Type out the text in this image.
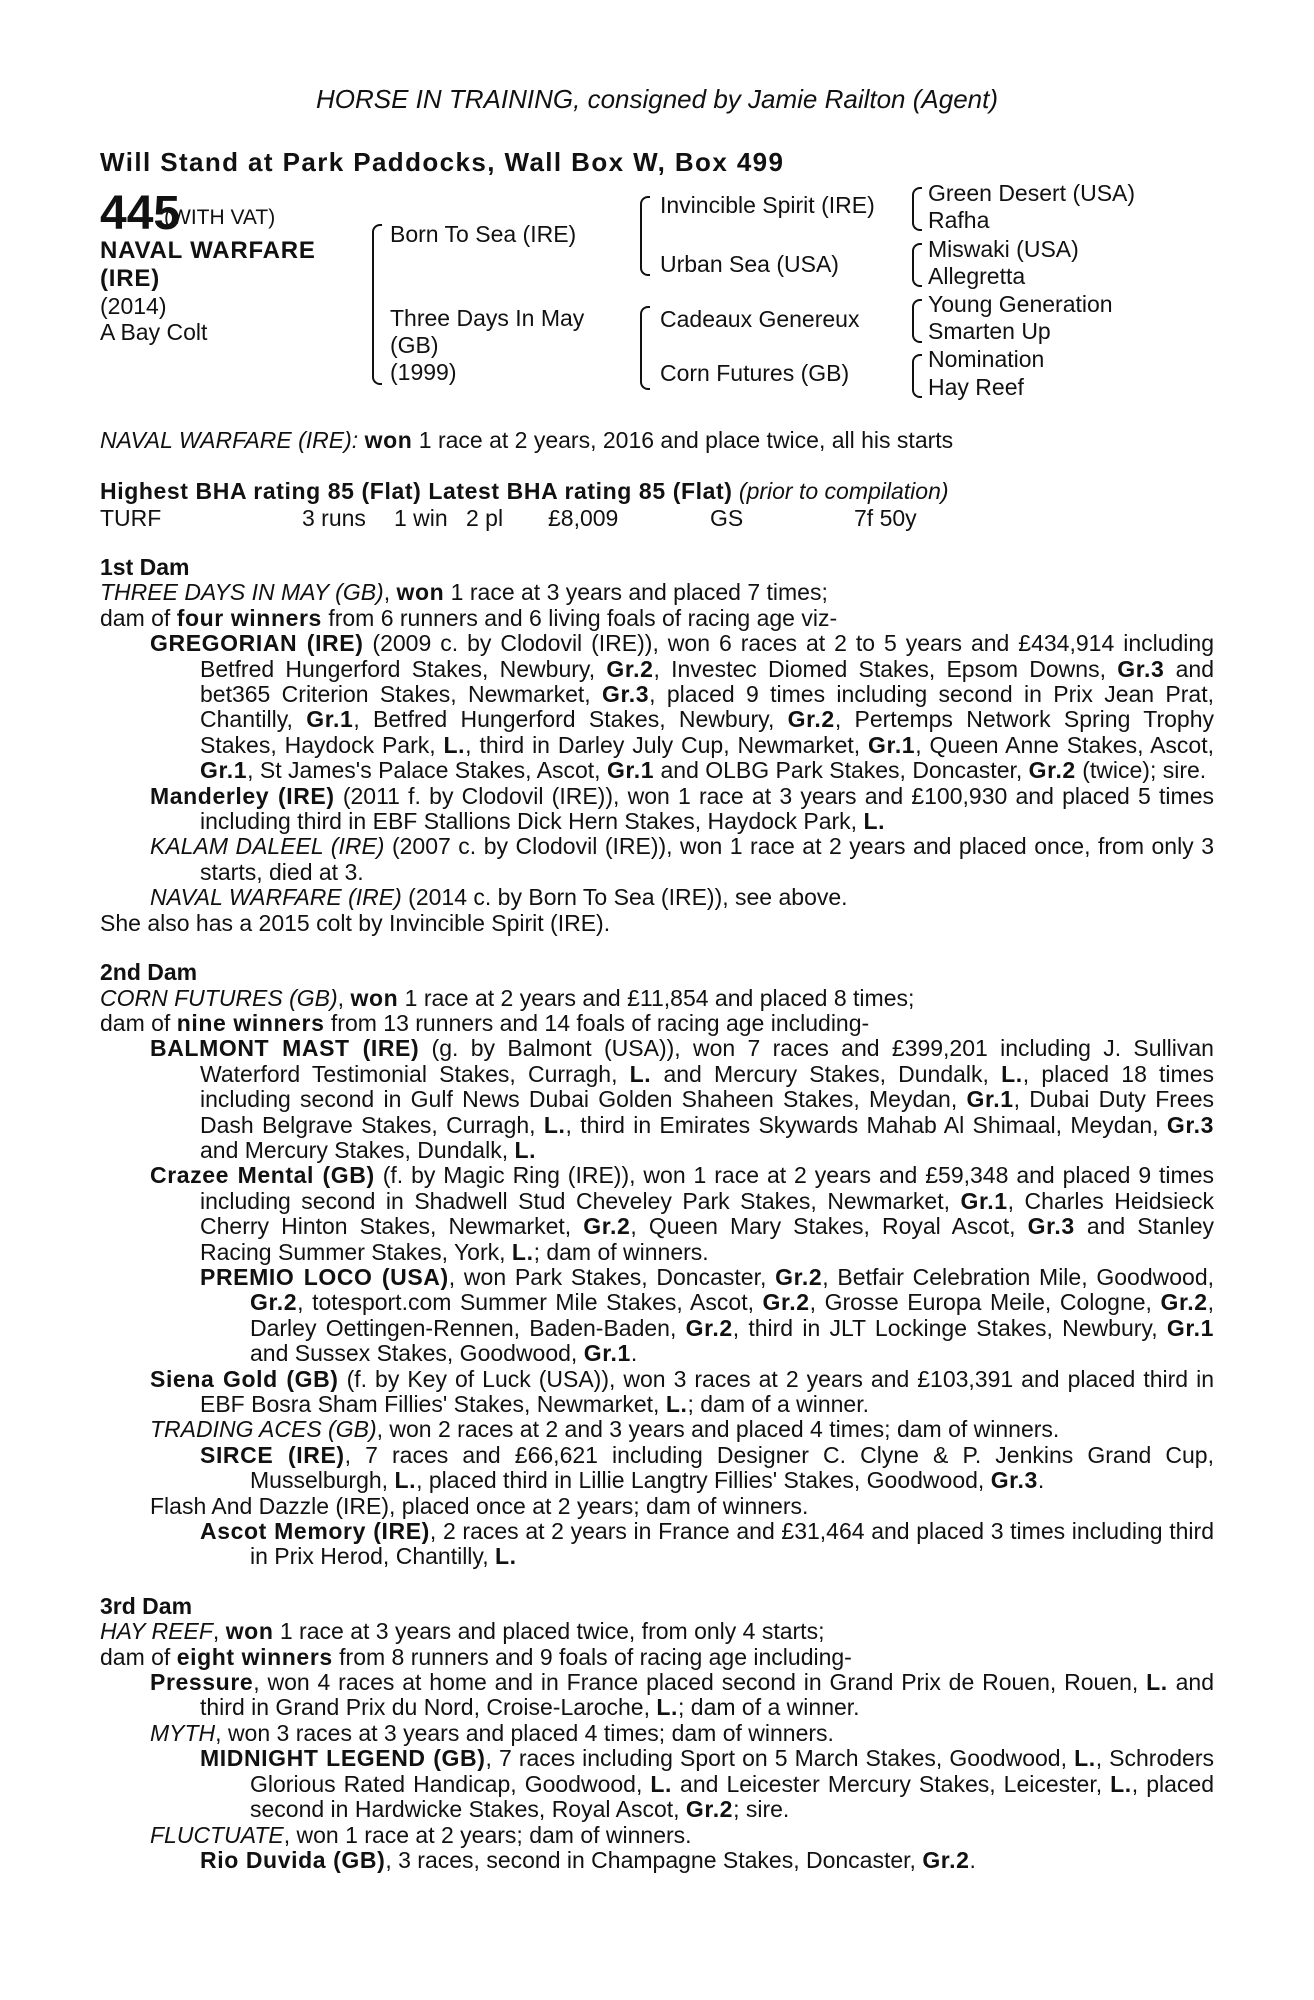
HORSE IN TRAINING, consigned by Jamie Railton (Agent)
Will Stand at Park Paddocks, Wall Box W, Box 499
445
(WITH VAT)
NAVAL WARFARE
(IRE)
(2014)
A Bay Colt
Born To Sea (IRE)
Three Days In May
(GB)
(1999)
Invincible Spirit (IRE)
Urban Sea (USA)
Cadeaux Genereux
Corn Futures (GB)
Green Desert (USA)
Rafha
Miswaki (USA)
Allegretta
Young Generation
Smarten Up
Nomination
Hay Reef
NAVAL WARFARE (IRE): won 1 race at 2 years, 2016 and place twice, all his starts
Highest BHA rating 85 (Flat) Latest BHA rating 85 (Flat) (prior to compilation)
TURF	3 runs 1 win 2 pl £8,009	GS	7f 50y

1st Dam

THREE DAYS IN MAY (GB), won 1 race at 3 years and placed 7 times;

dam of four winners from 6 runners and 6 living foals of racing age viz-

GREGORIAN (IRE) (2009 c. by Clodovil (IRE)), won 6 races at 2 to 5 years and £434,914 including Betfred Hungerford Stakes, Newbury, Gr.2, Investec Diomed Stakes, Epsom Downs, Gr.3 and bet365 Criterion Stakes, Newmarket, Gr.3, placed 9 times including second in Prix Jean Prat, Chantilly, Gr.1, Betfred Hungerford Stakes, Newbury, Gr.2, Pertemps Network Spring Trophy Stakes, Haydock Park, L., third in Darley July Cup, Newmarket, Gr.1, Queen Anne Stakes, Ascot, Gr.1, St James's Palace Stakes, Ascot, Gr.1 and OLBG Park Stakes, Doncaster, Gr.2 (twice); sire.

Manderley (IRE) (2011 f. by Clodovil (IRE)), won 1 race at 3 years and £100,930 and placed 5 times including third in EBF Stallions Dick Hern Stakes, Haydock Park, L.

KALAM DALEEL (IRE) (2007 c. by Clodovil (IRE)), won 1 race at 2 years and placed once, from only 3 starts, died at 3.

NAVAL WARFARE (IRE) (2014 c. by Born To Sea (IRE)), see above.

She also has a 2015 colt by Invincible Spirit (IRE).

2nd Dam

CORN FUTURES (GB), won 1 race at 2 years and £11,854 and placed 8 times;

dam of nine winners from 13 runners and 14 foals of racing age including-

BALMONT MAST (IRE) (g. by Balmont (USA)), won 7 races and £399,201 including J. Sullivan Waterford Testimonial Stakes, Curragh, L. and Mercury Stakes, Dundalk, L., placed 18 times including second in Gulf News Dubai Golden Shaheen Stakes, Meydan, Gr.1, Dubai Duty Frees Dash Belgrave Stakes, Curragh, L., third in Emirates Skywards Mahab Al Shimaal, Meydan, Gr.3 and Mercury Stakes, Dundalk, L.

Crazee Mental (GB) (f. by Magic Ring (IRE)), won 1 race at 2 years and £59,348 and placed 9 times including second in Shadwell Stud Cheveley Park Stakes, Newmarket, Gr.1, Charles Heidsieck Cherry Hinton Stakes, Newmarket, Gr.2, Queen Mary Stakes, Royal Ascot, Gr.3 and Stanley Racing Summer Stakes, York, L.; dam of winners.

PREMIO LOCO (USA), won Park Stakes, Doncaster, Gr.2, Betfair Celebration Mile, Goodwood, Gr.2, totesport.com Summer Mile Stakes, Ascot, Gr.2, Grosse Europa Meile, Cologne, Gr.2, Darley Oettingen-Rennen, Baden-Baden, Gr.2, third in JLT Lockinge Stakes, Newbury, Gr.1 and Sussex Stakes, Goodwood, Gr.1.

Siena Gold (GB) (f. by Key of Luck (USA)), won 3 races at 2 years and £103,391 and placed third in EBF Bosra Sham Fillies' Stakes, Newmarket, L.; dam of a winner.

TRADING ACES (GB), won 2 races at 2 and 3 years and placed 4 times; dam of winners.

SIRCE (IRE), 7 races and £66,621 including Designer C. Clyne & P. Jenkins Grand Cup, Musselburgh, L., placed third in Lillie Langtry Fillies' Stakes, Goodwood, Gr.3.

Flash And Dazzle (IRE), placed once at 2 years; dam of winners.

Ascot Memory (IRE), 2 races at 2 years in France and £31,464 and placed 3 times including third in Prix Herod, Chantilly, L.

3rd Dam

HAY REEF, won 1 race at 3 years and placed twice, from only 4 starts;

dam of eight winners from 8 runners and 9 foals of racing age including-

Pressure, won 4 races at home and in France placed second in Grand Prix de Rouen, Rouen, L. and third in Grand Prix du Nord, Croise-Laroche, L.; dam of a winner.

MYTH, won 3 races at 3 years and placed 4 times; dam of winners.

MIDNIGHT LEGEND (GB), 7 races including Sport on 5 March Stakes, Goodwood, L., Schroders Glorious Rated Handicap, Goodwood, L. and Leicester Mercury Stakes, Leicester, L., placed second in Hardwicke Stakes, Royal Ascot, Gr.2; sire.

FLUCTUATE, won 1 race at 2 years; dam of winners.

Rio Duvida (GB), 3 races, second in Champagne Stakes, Doncaster, Gr.2.
